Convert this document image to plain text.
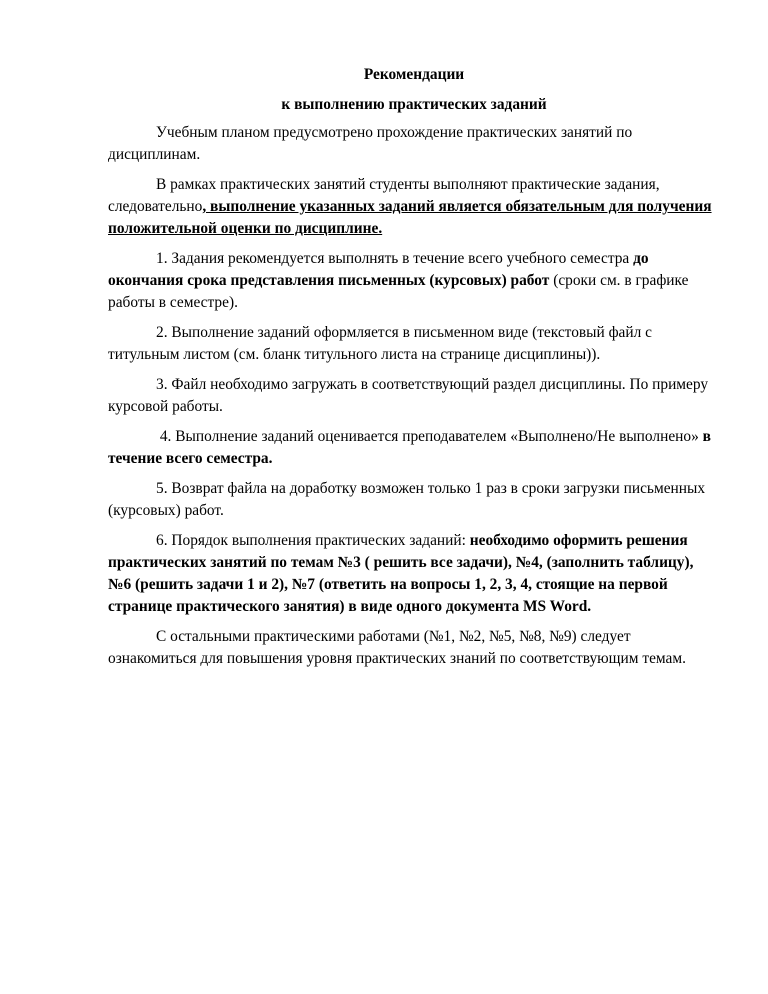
Рекомендации
к выполнению практических заданий

Учебным планом предусмотрено прохождение практических занятий по дисциплинам.

В рамках практических занятий студенты выполняют практические задания, следовательно, выполнение указанных заданий является обязательным для получения положительной оценки по дисциплине.

1. Задания рекомендуется выполнять в течение всего учебного семестра до окончания срока представления письменных (курсовых) работ (сроки см. в графике работы в семестре).

2. Выполнение заданий оформляется в письменном виде (текстовый файл с титульным листом (см. бланк титульного листа на странице дисциплины)).

3. Файл необходимо загружать в соответствующий раздел дисциплины. По примеру курсовой работы.

4. Выполнение заданий оценивается преподавателем «Выполнено/Не выполнено» в течение всего семестра.

5. Возврат файла на доработку возможен только 1 раз в сроки загрузки письменных (курсовых) работ.

6. Порядок выполнения практических заданий: необходимо оформить решения практических занятий по темам №3 ( решить все задачи), №4, (заполнить таблицу), №6 (решить задачи 1 и 2), №7 (ответить на вопросы 1, 2, 3, 4, стоящие на первой странице практического занятия) в виде одного документа MS Word.

С остальными практическими работами (№1, №2, №5, №8, №9) следует ознакомиться для повышения уровня практических знаний по соответствующим темам.
